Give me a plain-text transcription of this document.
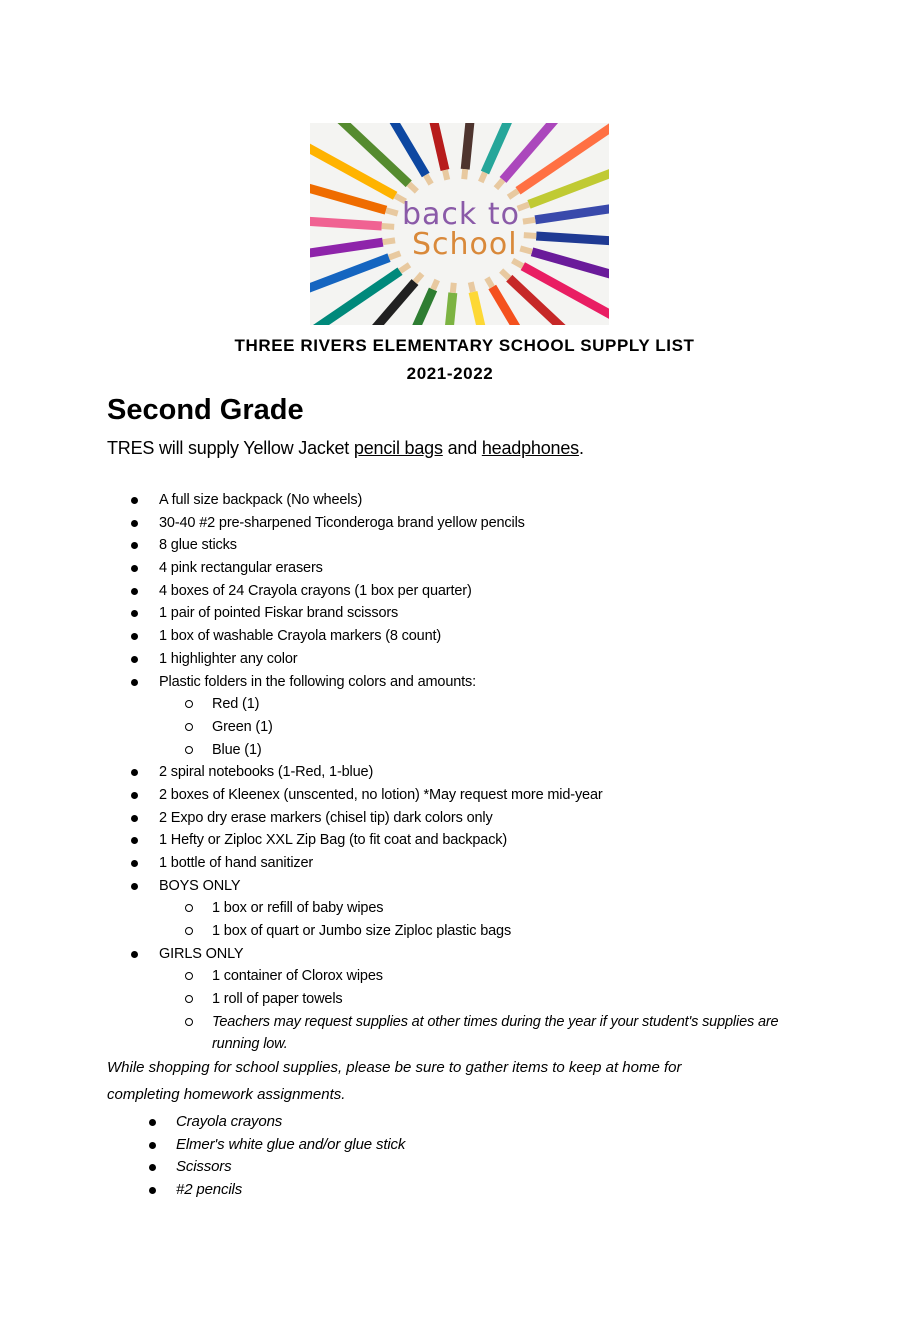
back to
School
THREE RIVERS ELEMENTARY SCHOOL SUPPLY LIST
2021-2022
Second Grade
TRES will supply Yellow Jacket pencil bags and headphones.
A full size backpack (No wheels)
30-40 #2 pre-sharpened Ticonderoga brand yellow pencils
8 glue sticks
4 pink rectangular erasers
4 boxes of 24 Crayola crayons (1 box per quarter)
1 pair of pointed Fiskar brand scissors
1 box of washable Crayola markers (8 count)
1 highlighter any color
Plastic folders in the following colors and amounts:
Red (1)
Green (1)
Blue (1)
2 spiral notebooks (1-Red, 1-blue)
2 boxes of Kleenex (unscented, no lotion) *May request more mid-year
2 Expo dry erase markers (chisel tip) dark colors only
1 Hefty or Ziploc XXL Zip Bag (to fit coat and backpack)
1 bottle of hand sanitizer
BOYS ONLY
1 box or refill of baby wipes
1 box of quart or Jumbo size Ziploc plastic bags
GIRLS ONLY
1 container of Clorox wipes
1 roll of paper towels
Teachers may request supplies at other times during the year if your student's supplies are running low.
While shopping for school supplies, please be sure to gather items to keep at home for completing homework assignments.
Crayola crayons
Elmer's white glue and/or glue stick
Scissors
#2 pencils
